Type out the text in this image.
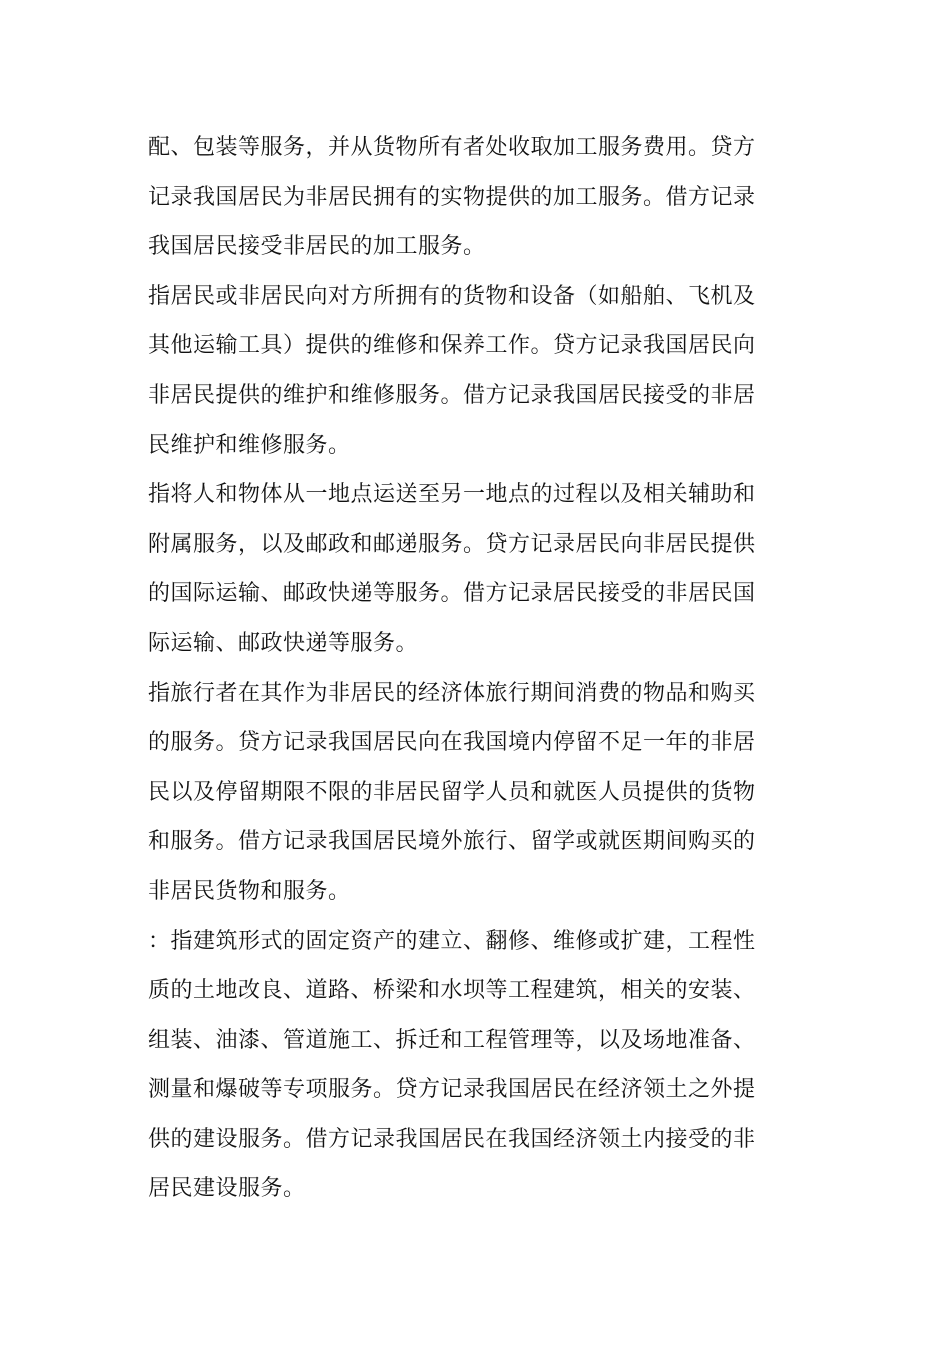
配、包装等服务，并从货物所有者处收取加工服务费用。贷方
记录我国居民为非居民拥有的实物提供的加工服务。借方记录
我国居民接受非居民的加工服务。
指居民或非居民向对方所拥有的货物和设备（如船舶、飞机及
其他运输工具）提供的维修和保养工作。贷方记录我国居民向
非居民提供的维护和维修服务。借方记录我国居民接受的非居
民维护和维修服务。
指将人和物体从一地点运送至另一地点的过程以及相关辅助和
附属服务，以及邮政和邮递服务。贷方记录居民向非居民提供
的国际运输、邮政快递等服务。借方记录居民接受的非居民国
际运输、邮政快递等服务。
指旅行者在其作为非居民的经济体旅行期间消费的物品和购买
的服务。贷方记录我国居民向在我国境内停留不足一年的非居
民以及停留期限不限的非居民留学人员和就医人员提供的货物
和服务。借方记录我国居民境外旅行、留学或就医期间购买的
非居民货物和服务。
：指建筑形式的固定资产的建立、翻修、维修或扩建，工程性
质的土地改良、道路、桥梁和水坝等工程建筑，相关的安装、
组装、油漆、管道施工、拆迁和工程管理等，以及场地准备、
测量和爆破等专项服务。贷方记录我国居民在经济领土之外提
供的建设服务。借方记录我国居民在我国经济领土内接受的非
居民建设服务。
